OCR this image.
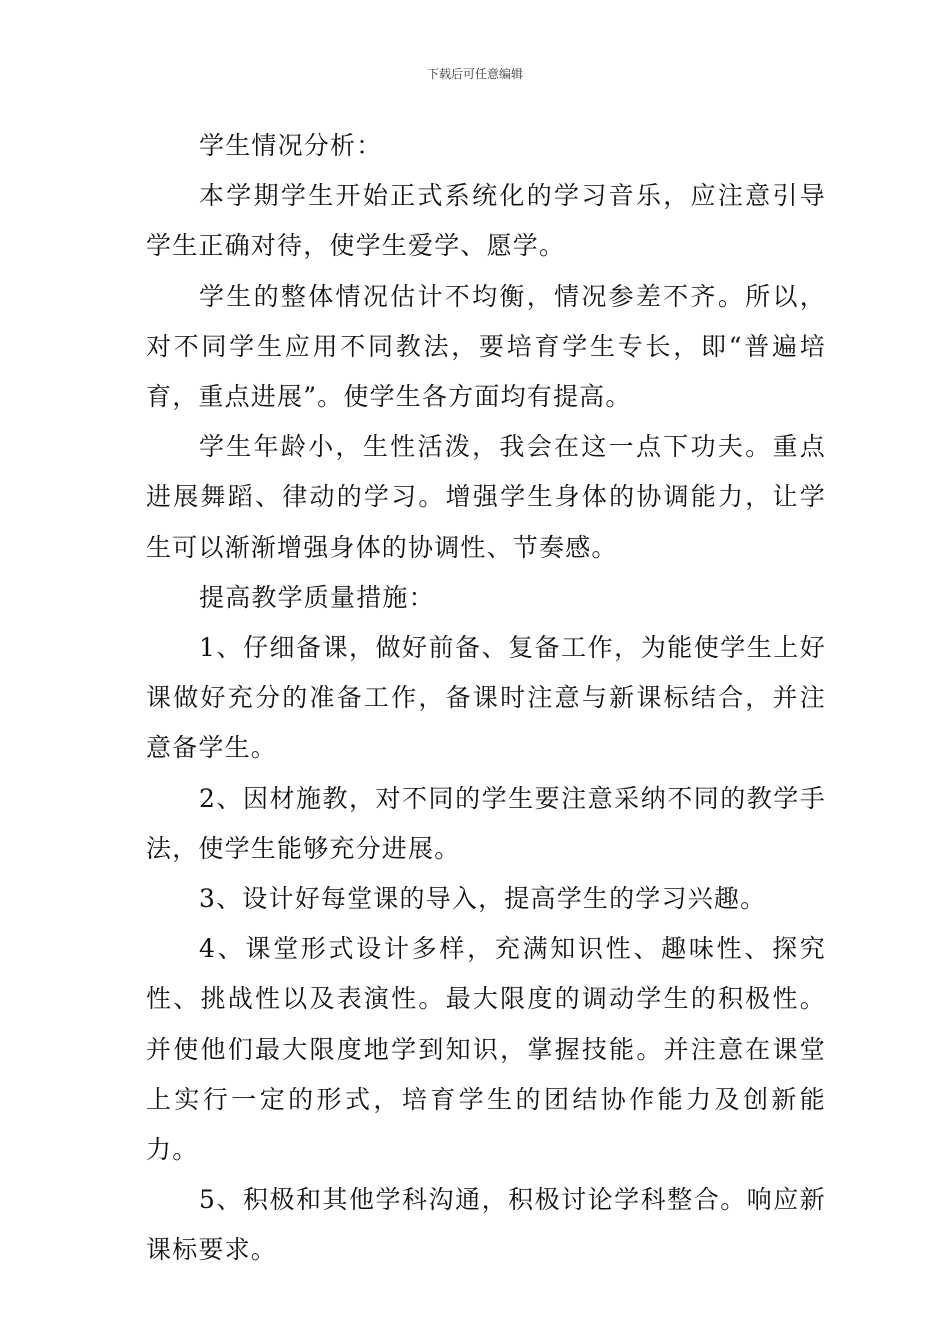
下载后可任意编辑

学生情况分析：

本学期学生开始正式系统化的学习音乐，应注意引导学生正确对待，使学生爱学、愿学。

学生的整体情况估计不均衡，情况参差不齐。所以，对不同学生应用不同教法，要培育学生专长，即“普遍培育，重点进展”。使学生各方面均有提高。

学生年龄小，生性活泼，我会在这一点下功夫。重点进展舞蹈、律动的学习。增强学生身体的协调能力，让学生可以渐渐增强身体的协调性、节奏感。

提高教学质量措施：

1、仔细备课，做好前备、复备工作，为能使学生上好课做好充分的准备工作，备课时注意与新课标结合，并注意备学生。

2、因材施教，对不同的学生要注意采纳不同的教学手法，使学生能够充分进展。

3、设计好每堂课的导入，提高学生的学习兴趣。

4、课堂形式设计多样，充满知识性、趣味性、探究性、挑战性以及表演性。最大限度的调动学生的积极性。并使他们最大限度地学到知识，掌握技能。并注意在课堂上实行一定的形式，培育学生的团结协作能力及创新能力。

5、积极和其他学科沟通，积极讨论学科整合。响应新课标要求。
